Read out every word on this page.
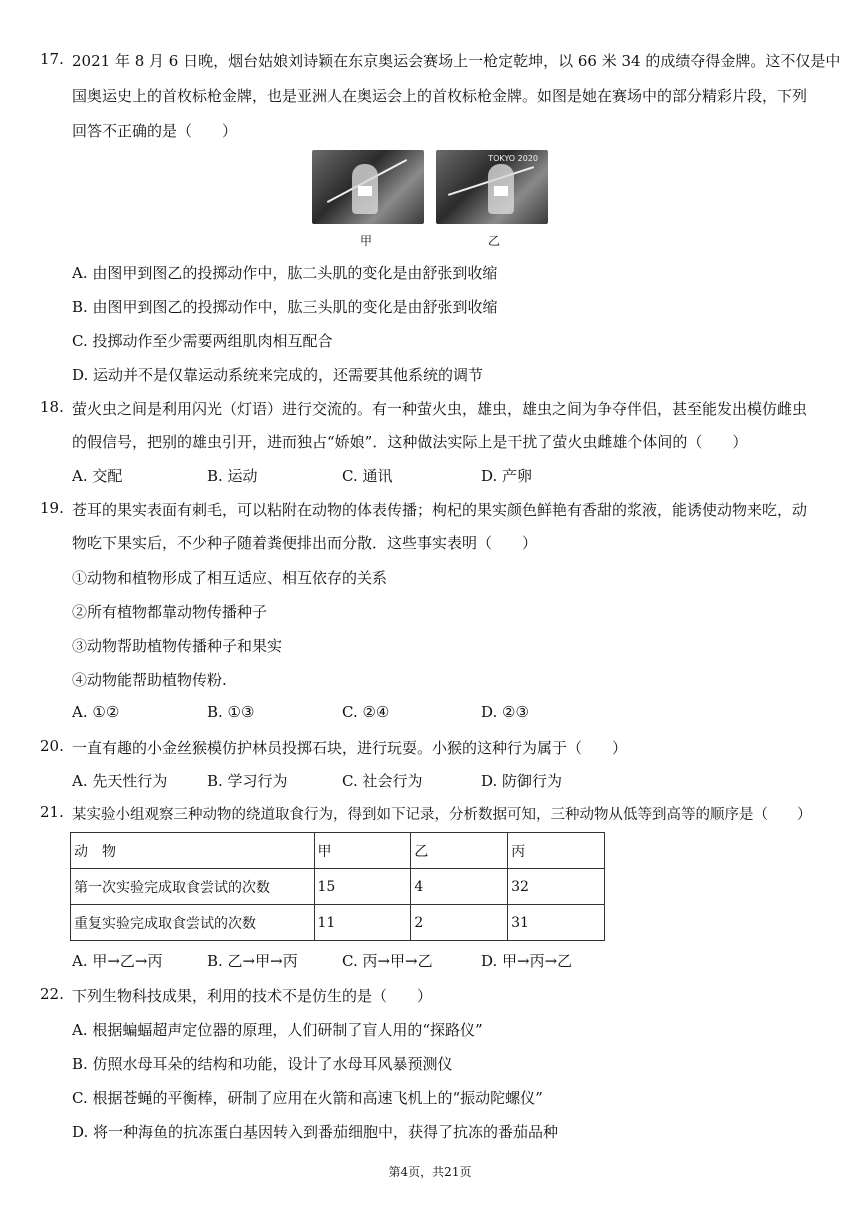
17. 2021 年 8 月 6 日晚，烟台姑娘刘诗颖在东京奥运会赛场上一枪定乾坤，以 66 米 34 的成绩夺得金牌。这不仅是中
国奥运史上的首枚标枪金牌，也是亚洲人在奥运会上的首枚标枪金牌。如图是她在赛场中的部分精彩片段，下列
回答不正确的是（　　）
TOKYO 2020
甲	乙
A. 由图甲到图乙的投掷动作中，肱二头肌的变化是由舒张到收缩
B. 由图甲到图乙的投掷动作中，肱三头肌的变化是由舒张到收缩
C. 投掷动作至少需要两组肌肉相互配合
D. 运动并不是仅靠运动系统来完成的，还需要其他系统的调节
18. 萤火虫之间是利用闪光（灯语）进行交流的。有一种萤火虫，雄虫，雄虫之间为争夺伴侣，甚至能发出模仿雌虫
的假信号，把别的雄虫引开，进而独占“娇娘”．这种做法实际上是干扰了萤火虫雌雄个体间的（　　）
A. 交配	B. 运动	C. 通讯	D. 产卵
19. 苍耳的果实表面有刺毛，可以粘附在动物的体表传播；枸杞的果实颜色鲜艳有香甜的浆液，能诱使动物来吃，动
物吃下果实后，不少种子随着粪便排出而分散．这些事实表明（　　）
①动物和植物形成了相互适应、相互依存的关系
②所有植物都靠动物传播种子
③动物帮助植物传播种子和果实
④动物能帮助植物传粉.
A. ①②	B. ①③	C. ②④	D. ②③
20. 一直有趣的小金丝猴模仿护林员投掷石块，进行玩耍。小猴的这种行为属于（　　）
A. 先天性行为	B. 学习行为	C. 社会行为	D. 防御行为
21. 某实验小组观察三种动物的绕道取食行为，得到如下记录，分析数据可知，三种动物从低等到高等的顺序是（　　）
动　物	甲	乙	丙
第一次实验完成取食尝试的次数	15	4	32
重复实验完成取食尝试的次数	11	2	31
A. 甲→乙→丙	B. 乙→甲→丙	C. 丙→甲→乙	D. 甲→丙→乙
22. 下列生物科技成果，利用的技术不是仿生的是（　　）
A. 根据蝙蝠超声定位器的原理，人们研制了盲人用的“探路仪”
B. 仿照水母耳朵的结构和功能，设计了水母耳风暴预测仪
C. 根据苍蝇的平衡棒，研制了应用在火箭和高速飞机上的“振动陀螺仪”
D. 将一种海鱼的抗冻蛋白基因转入到番茄细胞中，获得了抗冻的番茄品种
第4页，共21页
